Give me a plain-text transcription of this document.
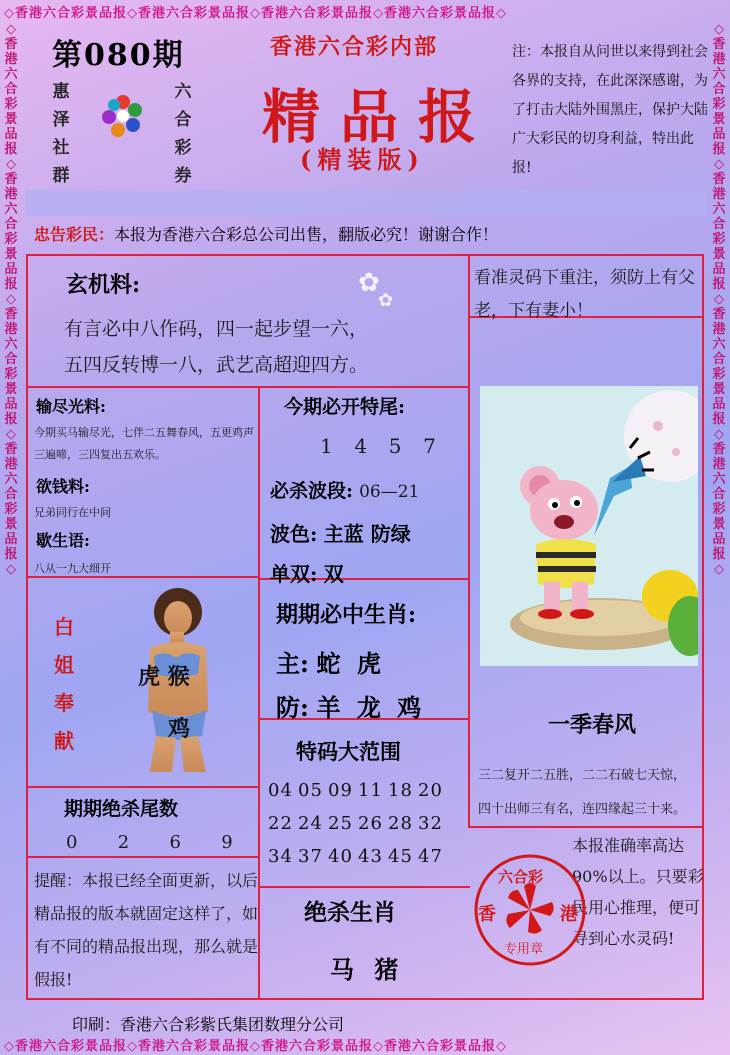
◇香港六合彩景品报◇香港六合彩景品报◇香港六合彩景品报◇香港六合彩景品报◇
◇香港六合彩景品报◇香港六合彩景品报◇香港六合彩景品报◇香港六合彩景品报◇
◇香港六合彩景品报◇香港六合彩景品报◇香港六合彩景品报◇香港六合彩景品报◇
◇香港六合彩景品报◇香港六合彩景品报◇香港六合彩景品报◇香港六合彩景品报◇
第080期
惠
泽
社
群
六
合
彩
券
香港六合彩内部
精品报
(精装版)
注：本报自从问世以来得到社会各界的支持，在此深深感谢，为了打击大陆外围黑庄，保护大陆广大彩民的切身利益，特出此报!
忠告彩民：本报为香港六合彩总公司出售，翻版必究！谢谢合作！
玄机料:
有言必中八作码，四一起步望一六，
五四反转博一八，武艺高超迎四方。
✿
✿
看准灵码下重注，须防上有父老，下有妻小！
输尽光料:
今期买马输尽光，七伴二五舞春风，五更鸡声三遍啼，三四复出五欢乐。
欲钱料:
兄弟同行在中间
歇生语:
八从一九大细开
今期必开特尾:
1 4 5 7
必杀波段: 06—21
波色: 主蓝 防绿
单双: 双
期期必中生肖:
主: 蛇 虎
防: 羊 龙 鸡
白
姐
奉
献
虎 猴
鸡
期期绝杀尾数
0 2 6 9
特码大范围
04 05 09 11 18 20
22 24 25 26 28 32
34 37 40 43 45 47
一季春风
三二复开二五胜，二二石破七天惊，
四十出师三有名，连四缘起三十来。
提醒：本报已经全面更新，以后精品报的版本就固定这样了，如有不同的精品报出现，那么就是假报!
绝杀生肖
马 猪
本报准确率高达90%以上。只要彩民用心推理，便可寻到心水灵码!
六合彩
香	港
专用章
印刷：香港六合彩紫氏集团数理分公司
